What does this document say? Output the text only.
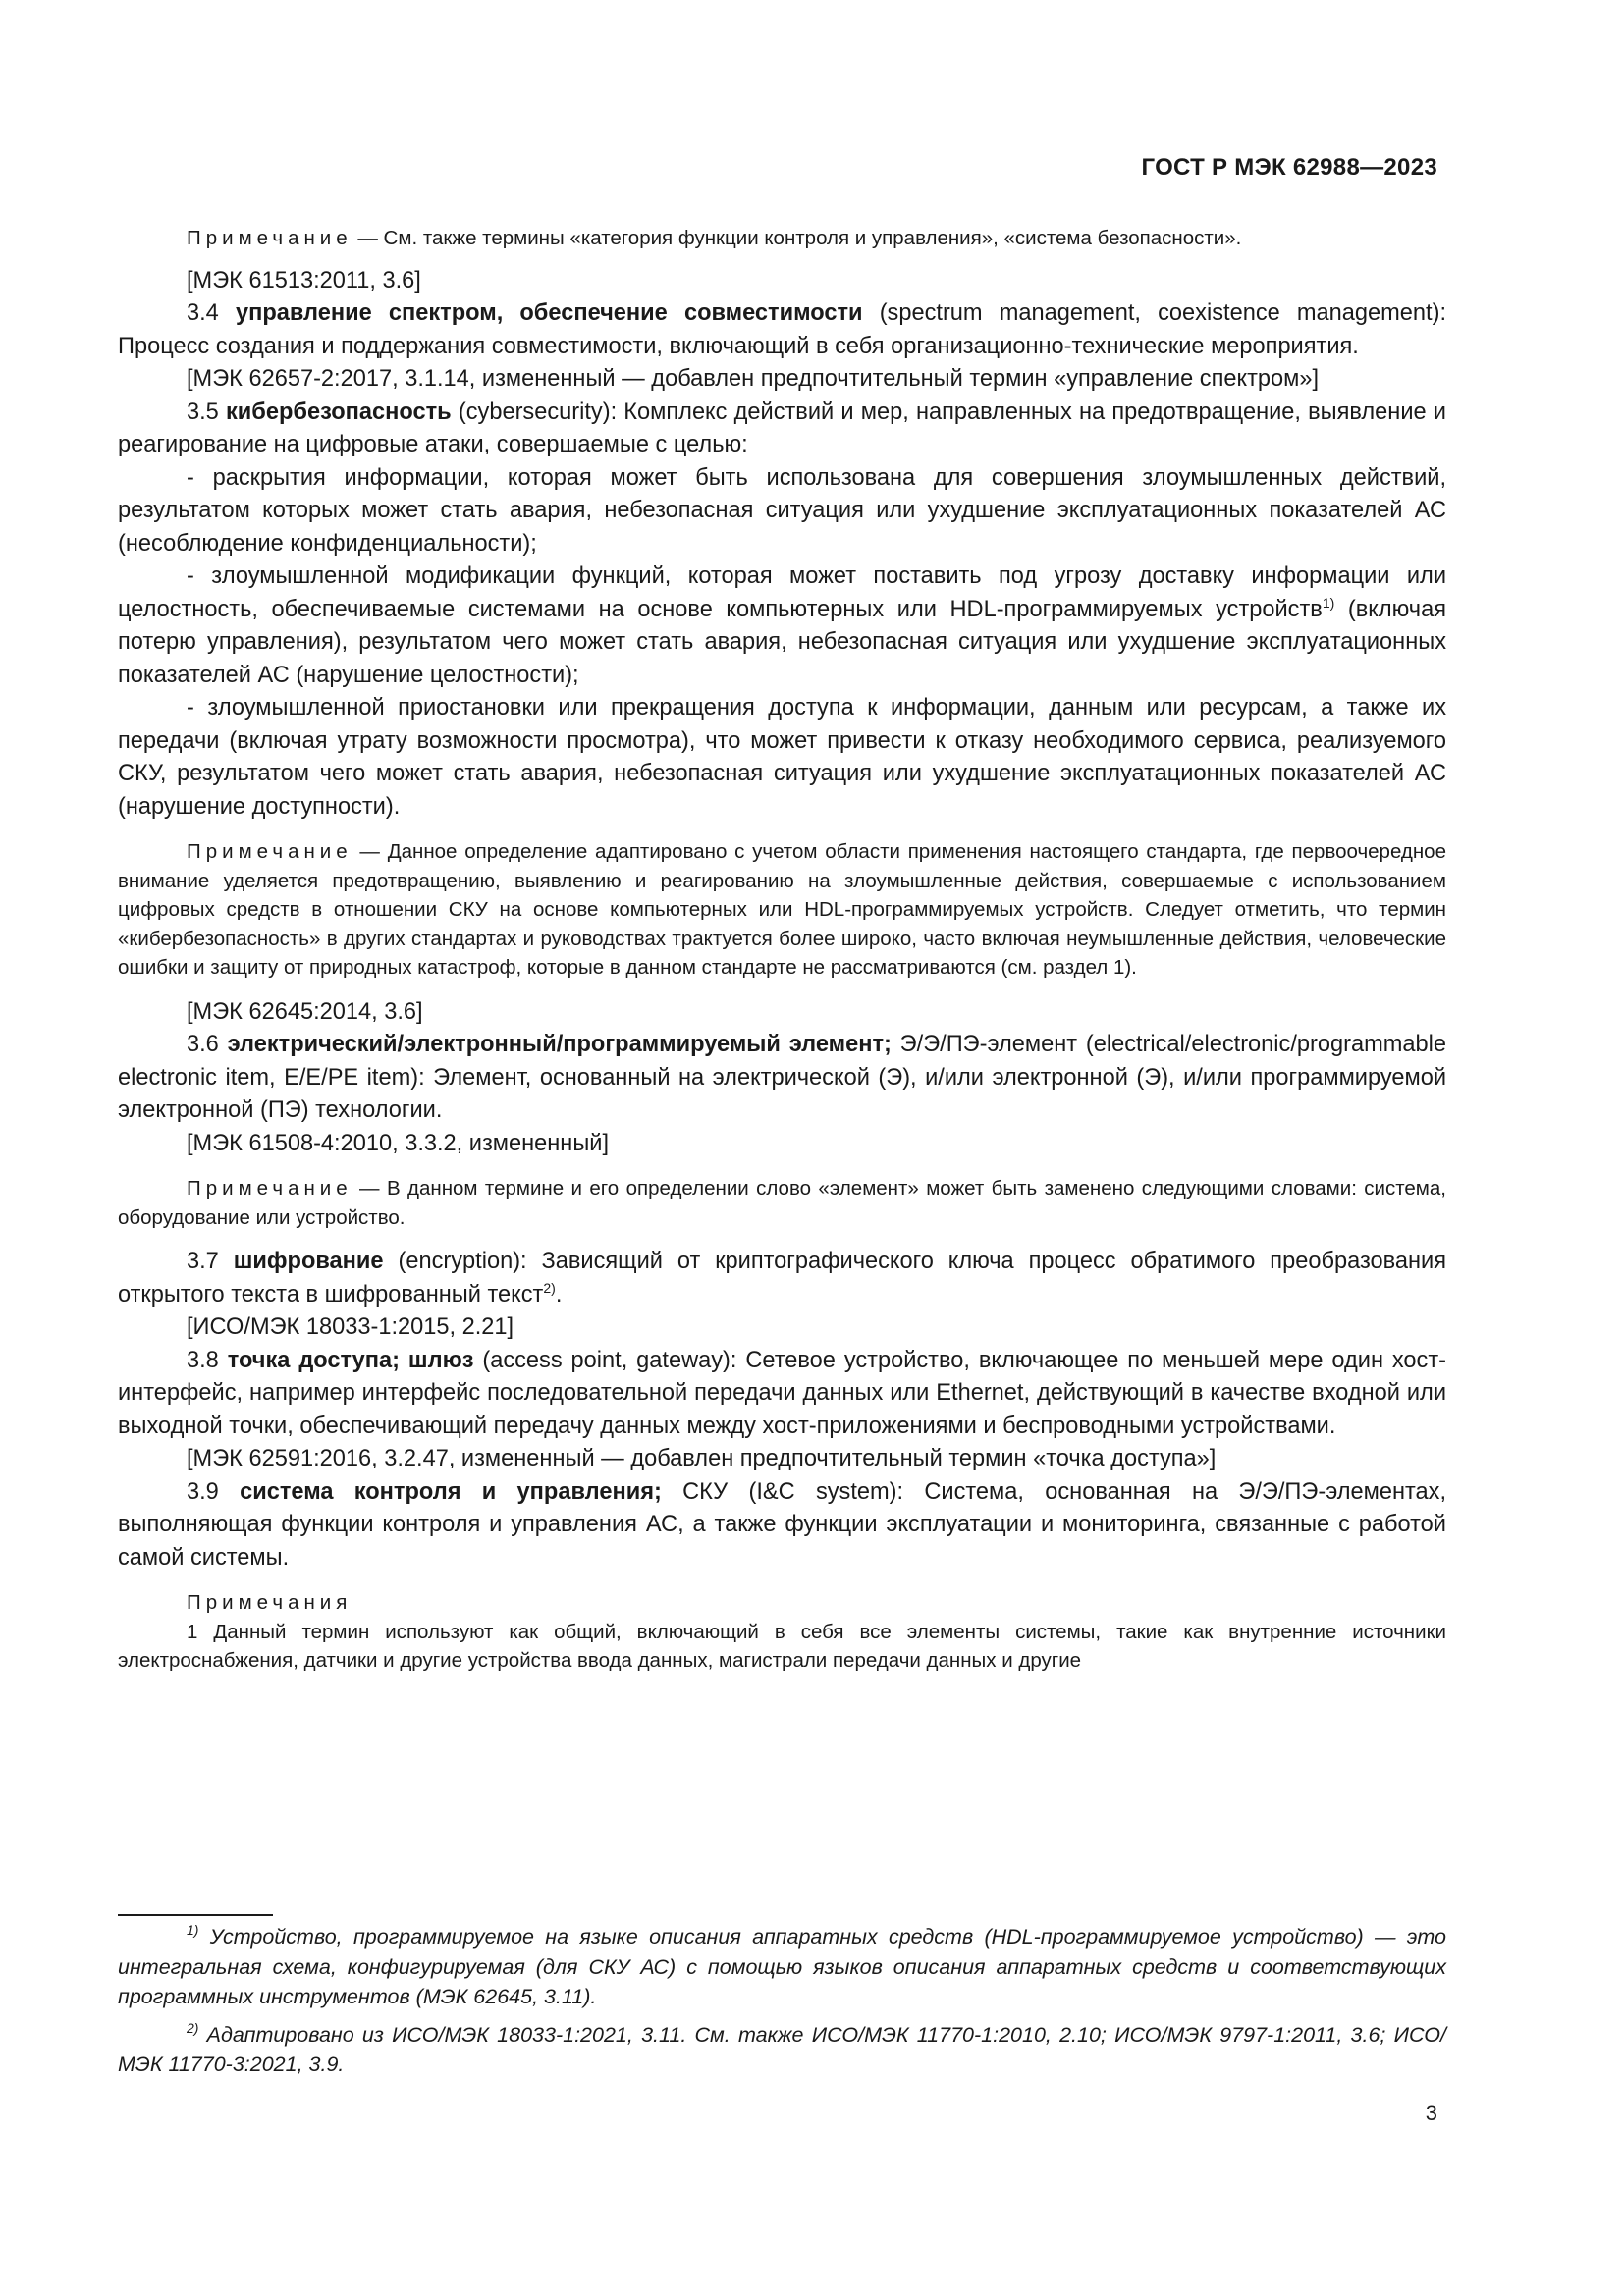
ГОСТ Р МЭК 62988—2023

Примечание — См. также термины «категория функции контроля и управления», «система безопасности».

[МЭК 61513:2011, 3.6]

3.4 управление спектром, обеспечение совместимости (spectrum management, coexistence management): Процесс создания и поддержания совместимости, включающий в себя организационно-технические мероприятия.

[МЭК 62657-2:2017, 3.1.14, измененный — добавлен предпочтительный термин «управление спектром»]

3.5 кибербезопасность (cybersecurity): Комплекс действий и мер, направленных на предотвращение, выявление и реагирование на цифровые атаки, совершаемые с целью:

- раскрытия информации, которая может быть использована для совершения злоумышленных действий, результатом которых может стать авария, небезопасная ситуация или ухудшение эксплуатационных показателей АС (несоблюдение конфиденциальности);

- злоумышленной модификации функций, которая может поставить под угрозу доставку информации или целостность, обеспечиваемые системами на основе компьютерных или HDL-программируемых устройств$^{1)}$ (включая потерю управления), результатом чего может стать авария, небезопасная ситуация или ухудшение эксплуатационных показателей АС (нарушение целостности);

- злоумышленной приостановки или прекращения доступа к информации, данным или ресурсам, а также их передачи (включая утрату возможности просмотра), что может привести к отказу необходимого сервиса, реализуемого СКУ, результатом чего может стать авария, небезопасная ситуация или ухудшение эксплуатационных показателей АС (нарушение доступности).

Примечание — Данное определение адаптировано с учетом области применения настоящего стандарта, где первоочередное внимание уделяется предотвращению, выявлению и реагированию на злоумышленные действия, совершаемые с использованием цифровых средств в отношении СКУ на основе компьютерных или HDL-программируемых устройств. Следует отметить, что термин «кибербезопасность» в других стандартах и руководствах трактуется более широко, часто включая неумышленные действия, человеческие ошибки и защиту от природных катастроф, которые в данном стандарте не рассматриваются (см. раздел 1).

[МЭК 62645:2014, 3.6]

3.6 электрический/электронный/программируемый элемент; Э/Э/ПЭ-элемент (electrical/electronic/programmable electronic item, E/E/PE item): Элемент, основанный на электрической (Э), и/или электронной (Э), и/или программируемой электронной (ПЭ) технологии.

[МЭК 61508-4:2010, 3.3.2, измененный]

Примечание — В данном термине и его определении слово «элемент» может быть заменено следующими словами: система, оборудование или устройство.

3.7 шифрование (encryption): Зависящий от криптографического ключа процесс обратимого преобразования открытого текста в шифрованный текст$^{2)}$.

[ИСО/МЭК 18033-1:2015, 2.21]

3.8 точка доступа; шлюз (access point, gateway): Сетевое устройство, включающее по меньшей мере один хост-интерфейс, например интерфейс последовательной передачи данных или Ethernet, действующий в качестве входной или выходной точки, обеспечивающий передачу данных между хост-приложениями и беспроводными устройствами.

[МЭК 62591:2016, 3.2.47, измененный — добавлен предпочтительный термин «точка доступа»]

3.9 система контроля и управления; СКУ (I&C system): Система, основанная на Э/Э/ПЭ-элементах, выполняющая функции контроля и управления АС, а также функции эксплуатации и мониторинга, связанные с работой самой системы.

Примечания

1 Данный термин используют как общий, включающий в себя все элементы системы, такие как внутренние источники электроснабжения, датчики и другие устройства ввода данных, магистрали передачи данных и другие

$^{1)}$ Устройство, программируемое на языке описания аппаратных средств (HDL-программируемое устройство) — это интегральная схема, конфигурируемая (для СКУ АС) с помощью языков описания аппаратных средств и соответствующих программных инструментов (МЭК 62645, 3.11).

$^{2)}$ Адаптировано из ИСО/МЭК 18033-1:2021, 3.11. См. также ИСО/МЭК 11770-1:2010, 2.10; ИСО/МЭК 9797-1:2011, 3.6; ИСО/МЭК 11770-3:2021, 3.9.

3
